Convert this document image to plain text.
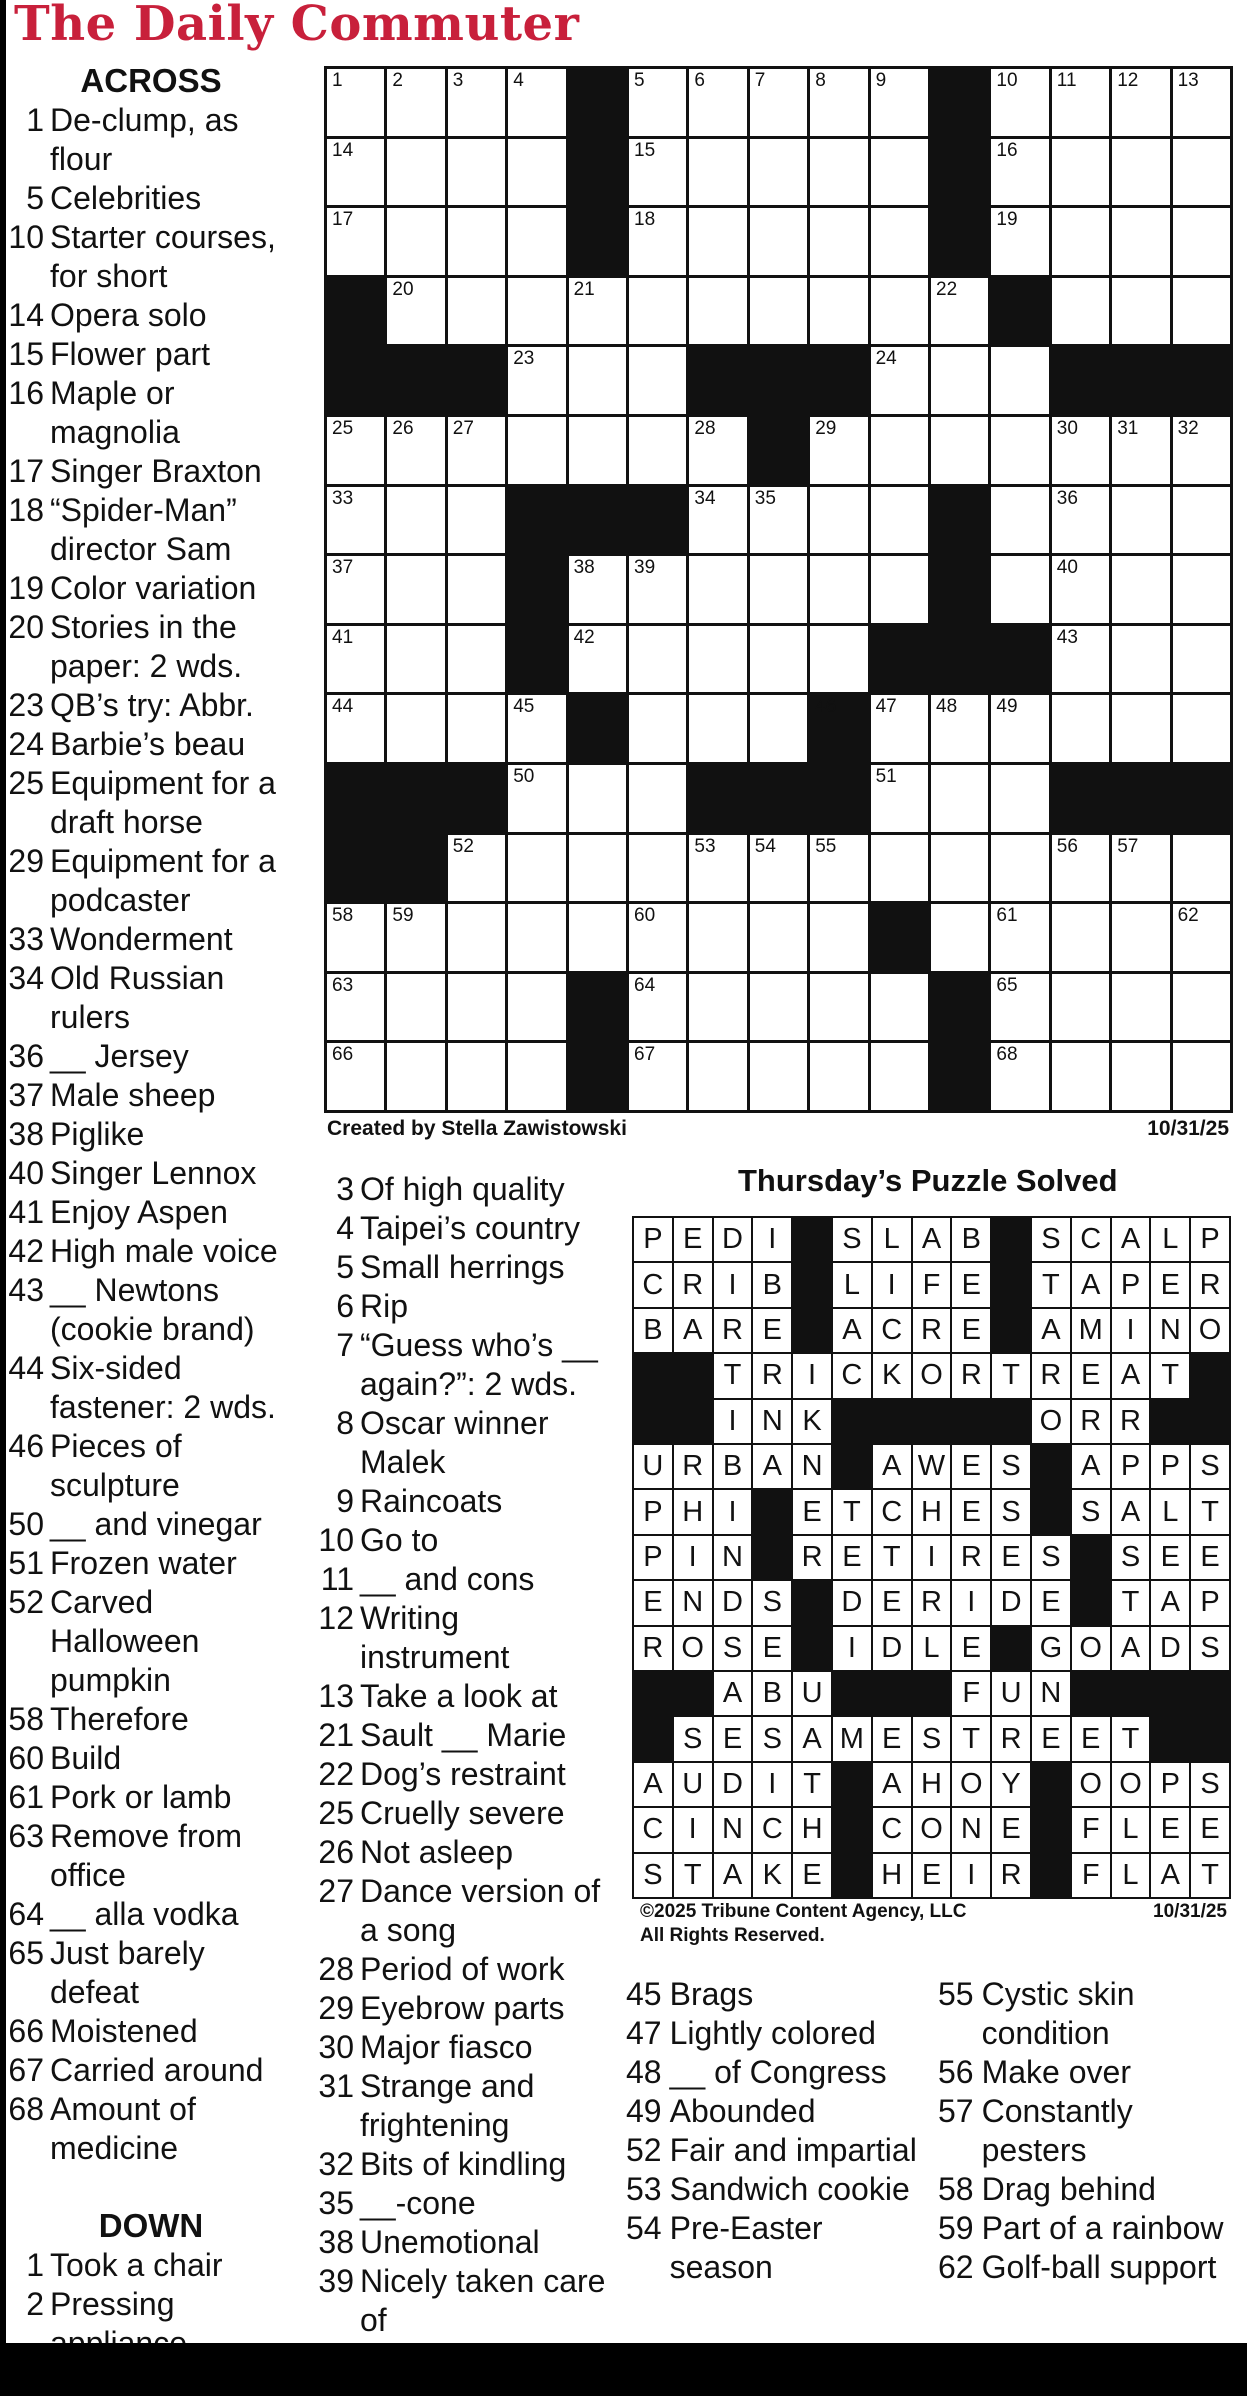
The Daily Commuter
ACROSS
1 De-clump, as flour
5 Celebrities
10 Starter courses, for short
14 Opera solo
15 Flower part
16 Maple or magnolia
17 Singer Braxton
18 “Spider-Man” director Sam
19 Color variation
20 Stories in the paper: 2 wds.
23 QB’s try: Abbr.
24 Barbie’s beau
25 Equipment for a draft horse
29 Equipment for a podcaster
33 Wonderment
34 Old Russian rulers
36 __ Jersey
37 Male sheep
38 Piglike
40 Singer Lennox
41 Enjoy Aspen
42 High male voice
43 __ Newtons (cookie brand)
44 Six-sided fastener: 2 wds.
46 Pieces of sculpture
50 __ and vinegar
51 Frozen water
52 Carved Halloween pumpkin
58 Therefore
60 Build
61 Pork or lamb
63 Remove from office
64 __ alla vodka
65 Just barely defeat
66 Moistened
67 Carried around
68 Amount of medicine
DOWN
1 Took a chair
2 Pressing
1	2	3	4	5	6	7	8	9	10 11 12 13
14	15	16
17	18	19
20	21	22
23	24
25 26 27	28	29	30 31 32
33	34 35	36
37	38 39	40
41	42	43
44	45	46 47 48 49
50	51
52	53 54 55	56 57
58 59	60	61	62
63	64	65
66	67	68
Created by Stella Zawistowski	10/31/25
3 Of high quality
4 Taipei’s country
5 Small herrings
6 Rip
7 “Guess who’s __ again?”: 2 wds.
8 Oscar winner Malek
9 Raincoats
10 Go to
11 __ and cons
12 Writing instrument
13 Take a look at
21 Sault __ Marie
22 Dog’s restraint
25 Cruelly severe
26 Not asleep
27 Dance version of a song
28 Period of work
29 Eyebrow parts
30 Major fiasco
31 Strange and frightening
32 Bits of kindling
35 __-cone
38 Unemotional
39 Nicely taken care of
Thursday’s Puzzle Solved
P E D I	S L A B	S C A L P
C R I B	L I F E	T A P E R
B A R E	A C R E	A M I N O
T R I C K O R T R E A T
I N K	O R R
U R B A N	A W E S	A P P S
P H I	E T C H E S	S A L T
P I N R E T I R E S	S E E
E N D S	D E R I D E	T A P
R O S E	I D L E	G O A D S
A B U	F U N
S E S A M E S T R E E T
A U D I T	A H O Y	O O P S
C I N C H C O N E	F L E E
S T A K E	H E I R	F L A T
©2025 Tribune Content Agency, LLC
All Rights Reserved.
10/31/25
45 Brags
47 Lightly colored
48 __ of Congress
49 Abounded
52 Fair and impartial
53 Sandwich cookie
54 Pre-Easter season
55 Cystic skin condition
56 Make over
57 Constantly pesters
58 Drag behind
59 Part of a rainbow
62 Golf-ball support
